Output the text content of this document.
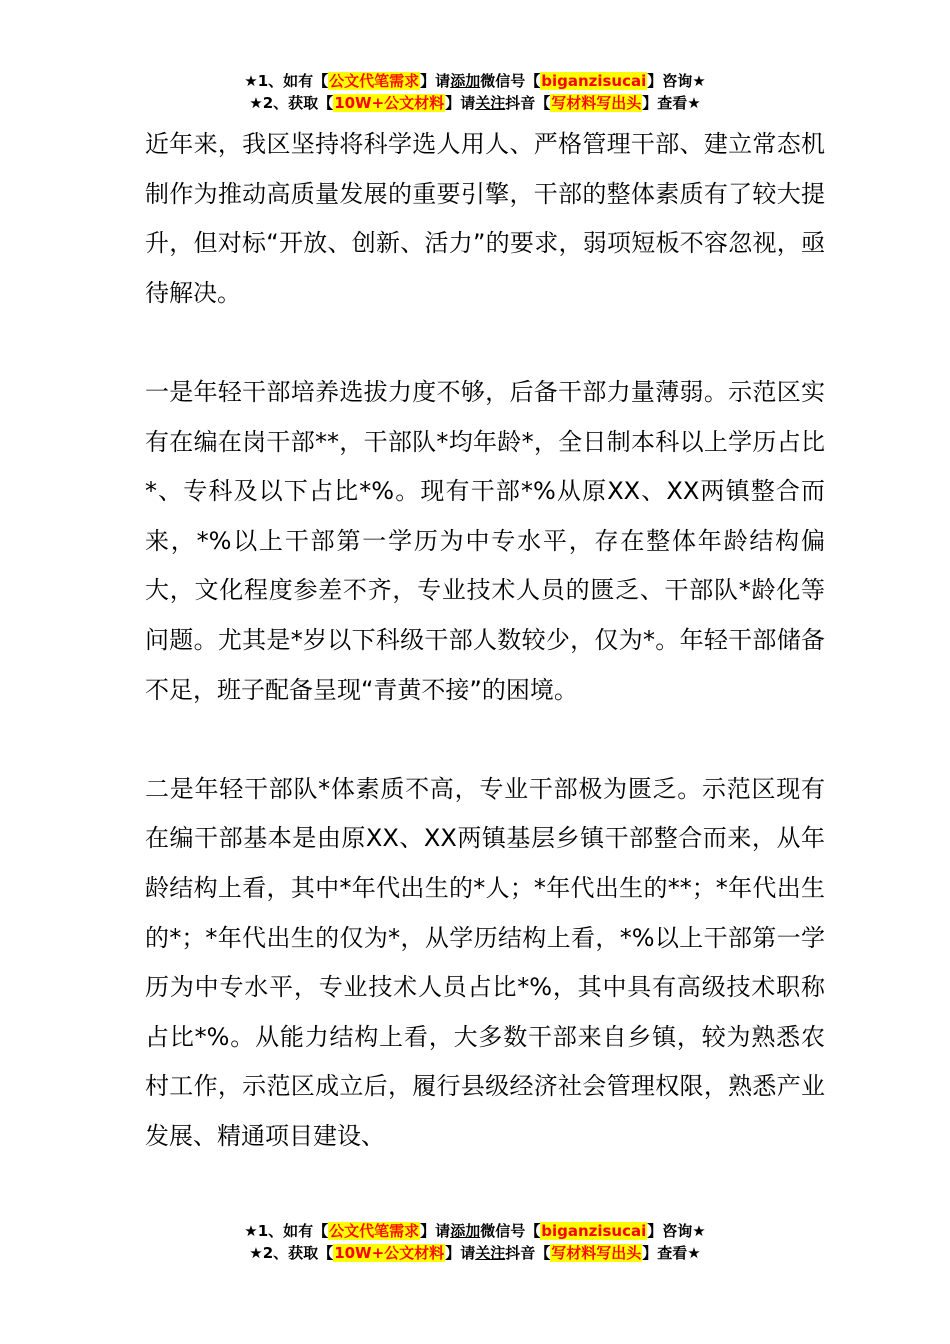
★1、如有【公文代笔需求】请添加微信号【biganzisucai】咨询★
★2、获取【10W+公文材料】请关注抖音【写材料写出头】查看★

近年来，我区坚持将科学选人用人、严格管理干部、建立常态机制作为推动高质量发展的重要引擎，干部的整体素质有了较大提升，但对标“开放、创新、活力”的要求，弱项短板不容忽视，亟待解决。

一是年轻干部培养选拔力度不够，后备干部力量薄弱。示范区实有在编在岗干部**，干部队*均年龄*，全日制本科以上学历占比*、专科及以下占比*%。现有干部*%从原XX、XX两镇整合而来，*%以上干部第一学历为中专水平，存在整体年龄结构偏大，文化程度参差不齐，专业技术人员的匮乏、干部队*龄化等问题。尤其是*岁以下科级干部人数较少，仅为*。年轻干部储备不足，班子配备呈现“青黄不接”的困境。

二是年轻干部队*体素质不高，专业干部极为匮乏。示范区现有在编干部基本是由原XX、XX两镇基层乡镇干部整合而来，从年龄结构上看，其中*年代出生的*人；*年代出生的**；*年代出生的*；*年代出生的仅为*，从学历结构上看，*%以上干部第一学历为中专水平，专业技术人员占比*%，其中具有高级技术职称占比*%。从能力结构上看，大多数干部来自乡镇，较为熟悉农村工作，示范区成立后，履行县级经济社会管理权限，熟悉产业发展、精通项目建设、

★1、如有【公文代笔需求】请添加微信号【biganzisucai】咨询★
★2、获取【10W+公文材料】请关注抖音【写材料写出头】查看★
